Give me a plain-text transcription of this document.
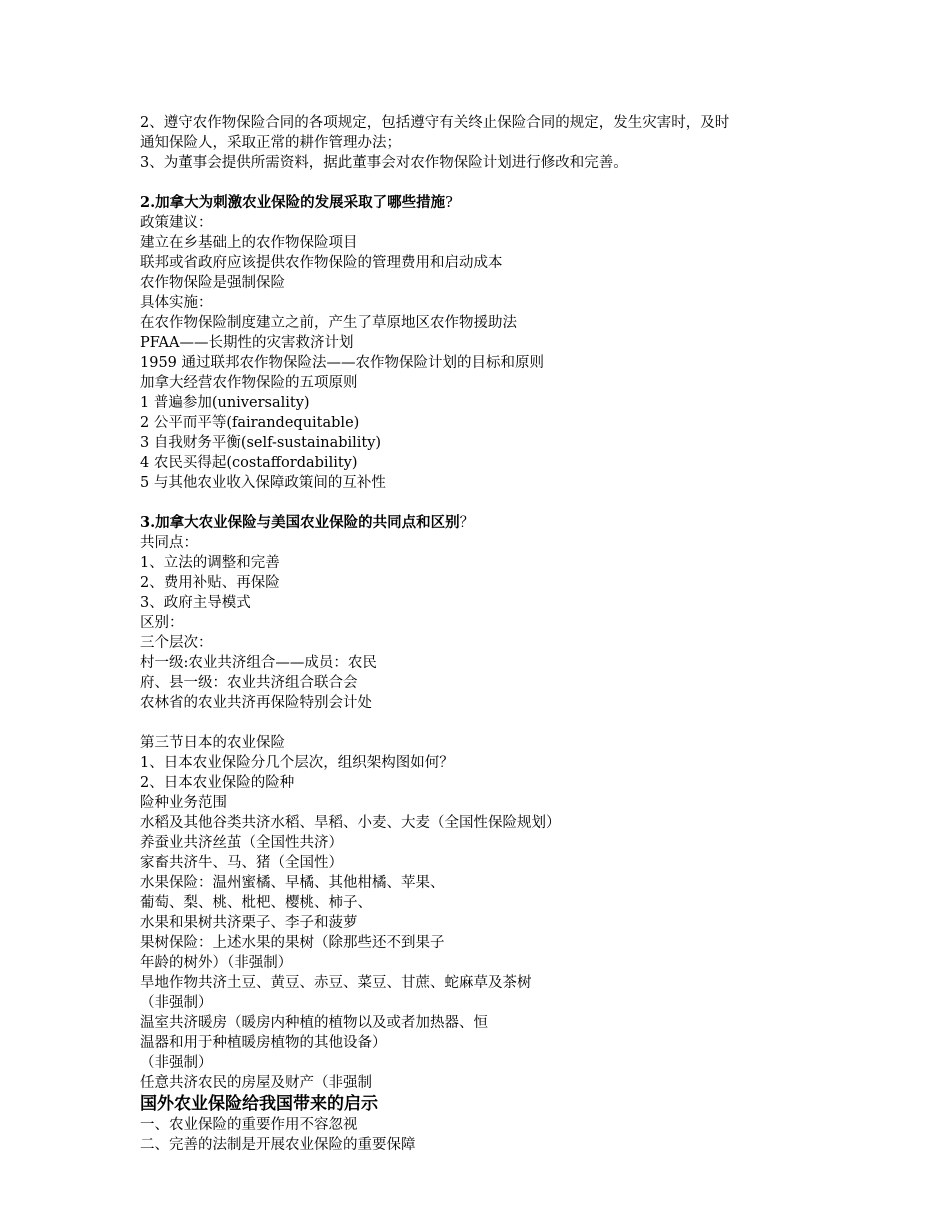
2、遵守农作物保险合同的各项规定，包括遵守有关终止保险合同的规定，发生灾害时，及时
通知保险人，采取正常的耕作管理办法；
3、为董事会提供所需资料，据此董事会对农作物保险计划进行修改和完善。
2.加拿大为刺激农业保险的发展采取了哪些措施?
政策建议：
建立在乡基础上的农作物保险项目
联邦或省政府应该提供农作物保险的管理费用和启动成本
农作物保险是强制保险
具体实施：
在农作物保险制度建立之前，产生了草原地区农作物援助法
PFAA——长期性的灾害救济计划
1959 通过联邦农作物保险法——农作物保险计划的目标和原则
加拿大经营农作物保险的五项原则
1 普遍参加(universality)
2 公平而平等(fairandequitable)
3 自我财务平衡(self-sustainability)
4 农民买得起(costaffordability)
5 与其他农业收入保障政策间的互补性
3.加拿大农业保险与美国农业保险的共同点和区别？
共同点：
1、立法的调整和完善
2、费用补贴、再保险
3、政府主导模式
区别：
三个层次：
村一级:农业共济组合——成员：农民
府、县一级：农业共济组合联合会
农林省的农业共济再保险特别会计处
第三节日本的农业保险
1、日本农业保险分几个层次，组织架构图如何？
2、日本农业保险的险种
险种业务范围
水稻及其他谷类共济水稻、旱稻、小麦、大麦（全国性保险规划）
养蚕业共济丝茧（全国性共济）
家畜共济牛、马、猪（全国性）
水果保险：温州蜜橘、早橘、其他柑橘、苹果、
葡萄、梨、桃、枇杷、樱桃、柿子、
水果和果树共济栗子、李子和菠萝
果树保险：上述水果的果树（除那些还不到果子
年龄的树外）（非强制）
旱地作物共济土豆、黄豆、赤豆、菜豆、甘蔗、蛇麻草及茶树
（非强制）
温室共济暖房（暖房内种植的植物以及或者加热器、恒
温器和用于种植暖房植物的其他设备）
（非强制）
任意共济农民的房屋及财产（非强制
国外农业保险给我国带来的启示
一、农业保险的重要作用不容忽视
二、完善的法制是开展农业保险的重要保障
